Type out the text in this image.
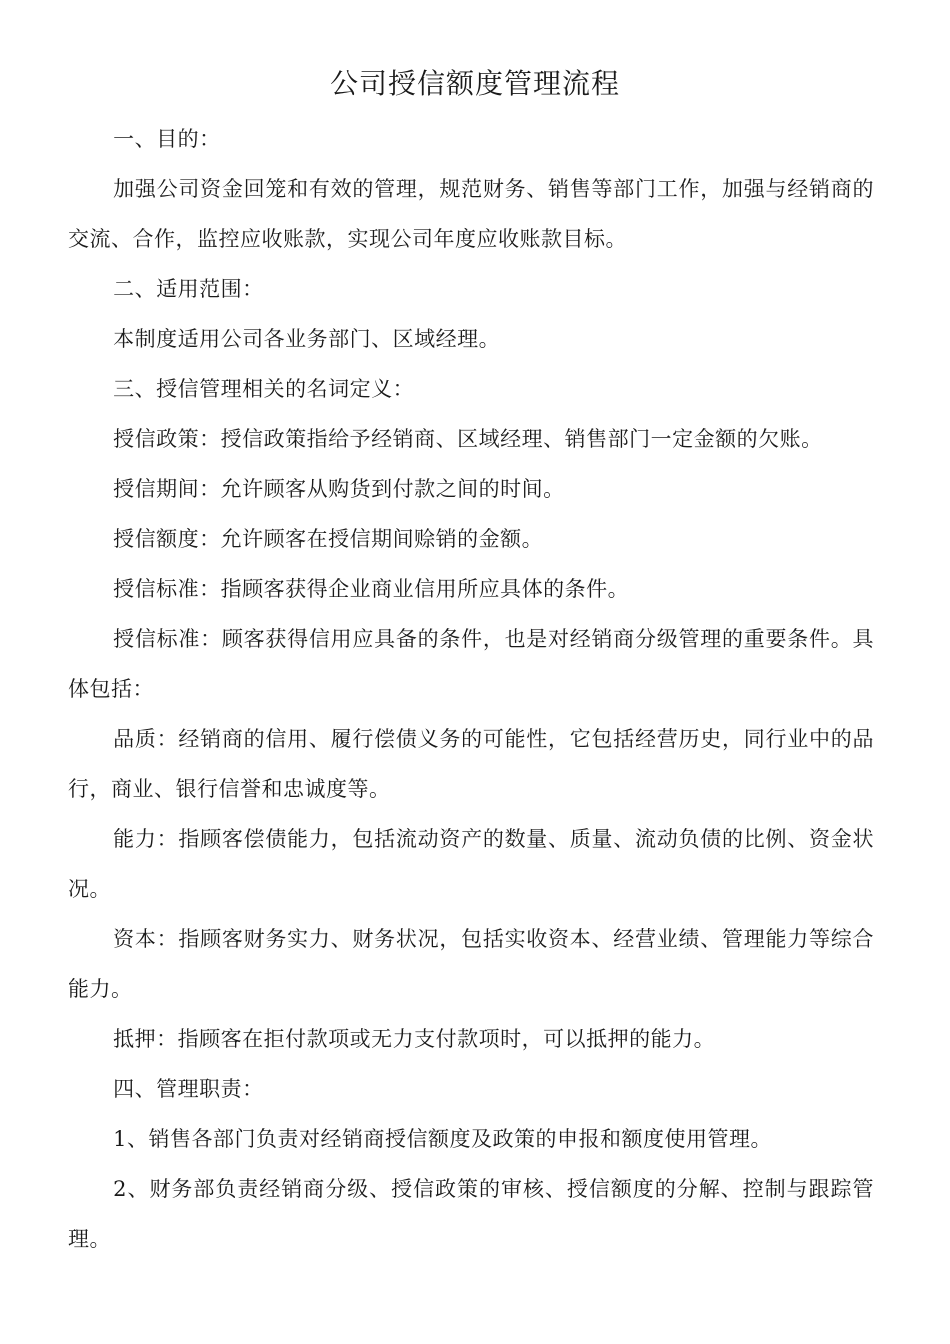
公司授信额度管理流程

一、目的：

加强公司资金回笼和有效的管理，规范财务、销售等部门工作，加强与经销商的交流、合作，监控应收账款，实现公司年度应收账款目标。

二、适用范围：

本制度适用公司各业务部门、区域经理。

三、授信管理相关的名词定义：

授信政策：授信政策指给予经销商、区域经理、销售部门一定金额的欠账。

授信期间：允许顾客从购货到付款之间的时间。

授信额度：允许顾客在授信期间赊销的金额。

授信标准：指顾客获得企业商业信用所应具体的条件。

授信标准：顾客获得信用应具备的条件，也是对经销商分级管理的重要条件。具体包括：

品质：经销商的信用、履行偿债义务的可能性，它包括经营历史，同行业中的品行，商业、银行信誉和忠诚度等。

能力：指顾客偿债能力，包括流动资产的数量、质量、流动负债的比例、资金状况。

资本：指顾客财务实力、财务状况，包括实收资本、经营业绩、管理能力等综合能力。

抵押：指顾客在拒付款项或无力支付款项时，可以抵押的能力。

四、管理职责：

1、销售各部门负责对经销商授信额度及政策的申报和额度使用管理。

2、财务部负责经销商分级、授信政策的审核、授信额度的分解、控制与跟踪管理。
